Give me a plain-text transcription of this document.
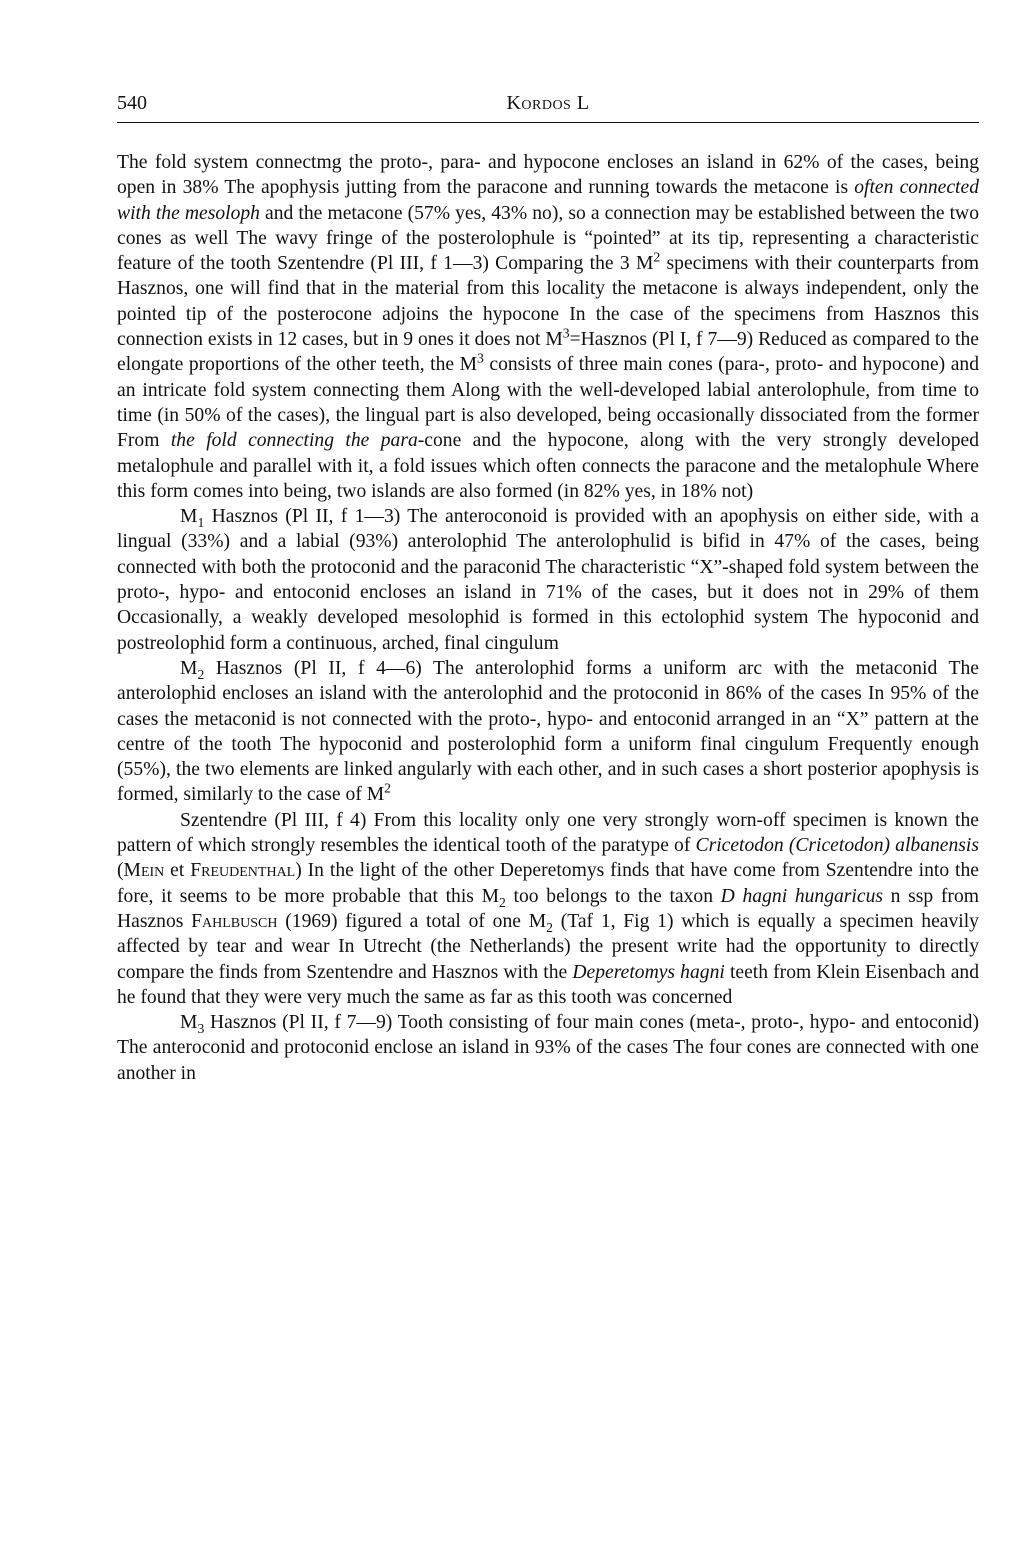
540	Kordos L

The fold system connectmg the proto-, para- and hypocone encloses an island in 62% of the cases, being open in 38% The apophysis jutting from the paracone and running towards the metacone is often connected with the mesoloph and the metacone (57% yes, 43% no), so a connection may be established between the two cones as well The wavy fringe of the posterolophule is “pointed” at its tip, representing a characteristic feature of the tooth Szentendre (Pl III, f 1—3) Comparing the 3 $M^2$ specimens with their counterparts from Hasznos, one will find that in the material from this locality the metacone is always independent, only the pointed tip of the posterocone adjoins the hypocone In the case of the specimens from Hasznos this connection exists in 12 cases, but in 9 ones it does not $M^3=Hasznos$ (Pl I, f 7—9) Reduced as compared to the elongate proportions of the other teeth, the $M^3$ consists of three main cones (para-, proto- and hypocone) and an intricate fold system connecting them Along with the well-developed labial anterolophule, from time to time (in 50% of the cases), the lingual part is also developed, being occasionally dissociated from the former From the fold connecting the para-cone and the hypocone, along with the very strongly developed metalophule and parallel with it, a fold issues which often connects the paracone and the metalophule Where this form comes into being, two islands are also formed (in 82% yes, in 18% not)

$M_1$ Hasznos (Pl II, f 1—3) The anteroconoid is provided with an apophysis on either side, with a lingual (33%) and a labial (93%) anterolophid The anterolophulid is bifid in 47% of the cases, being connected with both the protoconid and the paraconid The characteristic “X”-shaped fold system between the proto-, hypo- and entoconid encloses an island in 71% of the cases, but it does not in 29% of them Occasionally, a weakly developed mesolophid is formed in this ectolophid system The hypoconid and postreolophid form a continuous, arched, final cingulum

$M_2$ Hasznos (Pl II, f 4—6) The anterolophid forms a uniform arc with the metaconid The anterolophid encloses an island with the anterolophid and the protoconid in 86% of the cases In 95% of the cases the metaconid is not connected with the proto-, hypo- and entoconid arranged in an “X” pattern at the centre of the tooth The hypoconid and posterolophid form a uniform final cingulum Frequently enough (55%), the two elements are linked angularly with each other, and in such cases a short posterior apophysis is formed, similarly to the case of $M^2$

Szentendre (Pl III, f 4) From this locality only one very strongly worn-off specimen is known the pattern of which strongly resembles the identical tooth of the paratype of Cricetodon (Cricetodon) albanensis (Mein et Freudenthal) In the light of the other Deperetomys finds that have come from Szentendre into the fore, it seems to be more probable that this $M_2$ too belongs to the taxon D hagni hungaricus n ssp from Hasznos Fahlbusch (1969) figured a total of one $M_2$ (Taf 1, Fig 1) which is equally a specimen heavily affected by tear and wear In Utrecht (the Netherlands) the present write had the opportunity to directly compare the finds from Szentendre and Hasznos with the Deperetomys hagni teeth from Klein Eisenbach and he found that they were very much the same as far as this tooth was concerned

$M_3$ Hasznos (Pl II, f 7—9) Tooth consisting of four main cones (meta-, proto-, hypo- and entoconid) The anteroconid and protoconid enclose an island in 93% of the cases The four cones are connected with one another in
